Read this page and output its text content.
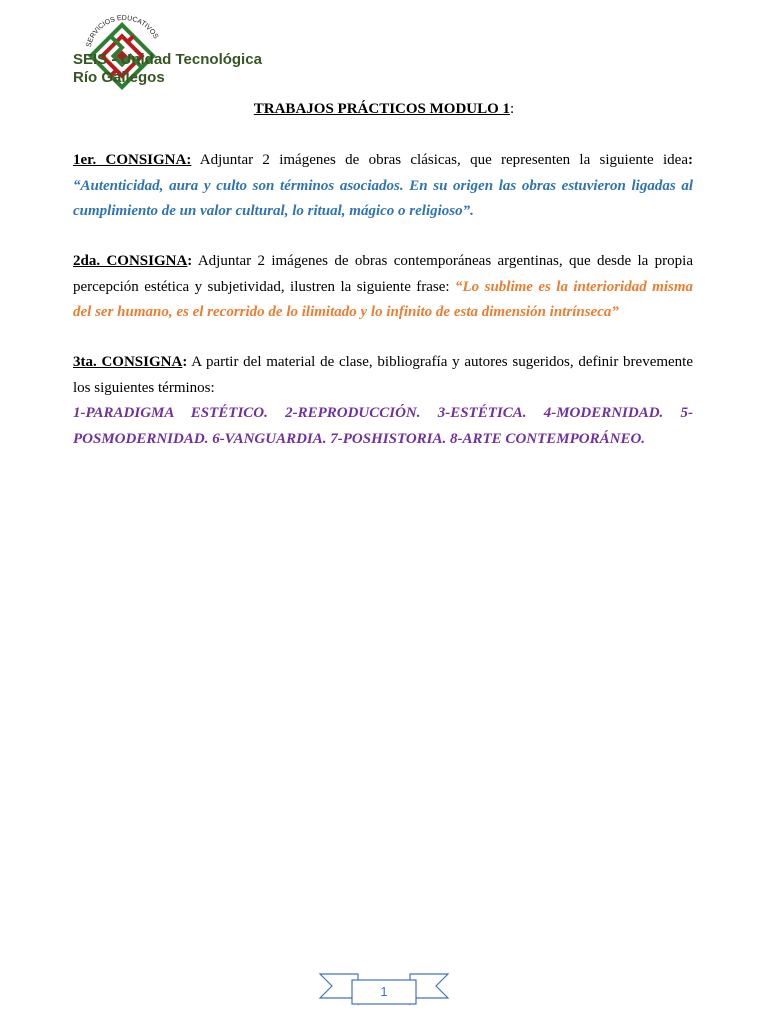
SERVICIOS EDUCATIVOS
SEIS - Unidad Tecnológica
Río Gallegos
TRABAJOS PRÁCTICOS MODULO 1:
1er. CONSIGNA: Adjuntar 2 imágenes de obras clásicas, que representen la siguiente idea: “Autenticidad, aura y culto son términos asociados. En su origen las obras estuvieron ligadas al cumplimiento de un valor cultural, lo ritual, mágico o religioso”.
2da. CONSIGNA: Adjuntar 2 imágenes de obras contemporáneas argentinas, que desde la propia percepción estética y subjetividad, ilustren la siguiente frase: “Lo sublime es la interioridad misma del ser humano, es el recorrido de lo ilimitado y lo infinito de esta dimensión intrínseca”
3ta. CONSIGNA: A partir del material de clase, bibliografía y autores sugeridos, definir brevemente los siguientes términos:
1-PARADIGMA ESTÉTICO. 2-REPRODUCCIÓN. 3-ESTÉTICA. 4-MODERNIDAD. 5-POSMODERNIDAD. 6-VANGUARDIA. 7-POSHISTORIA. 8-ARTE CONTEMPORÁNEO.
1
